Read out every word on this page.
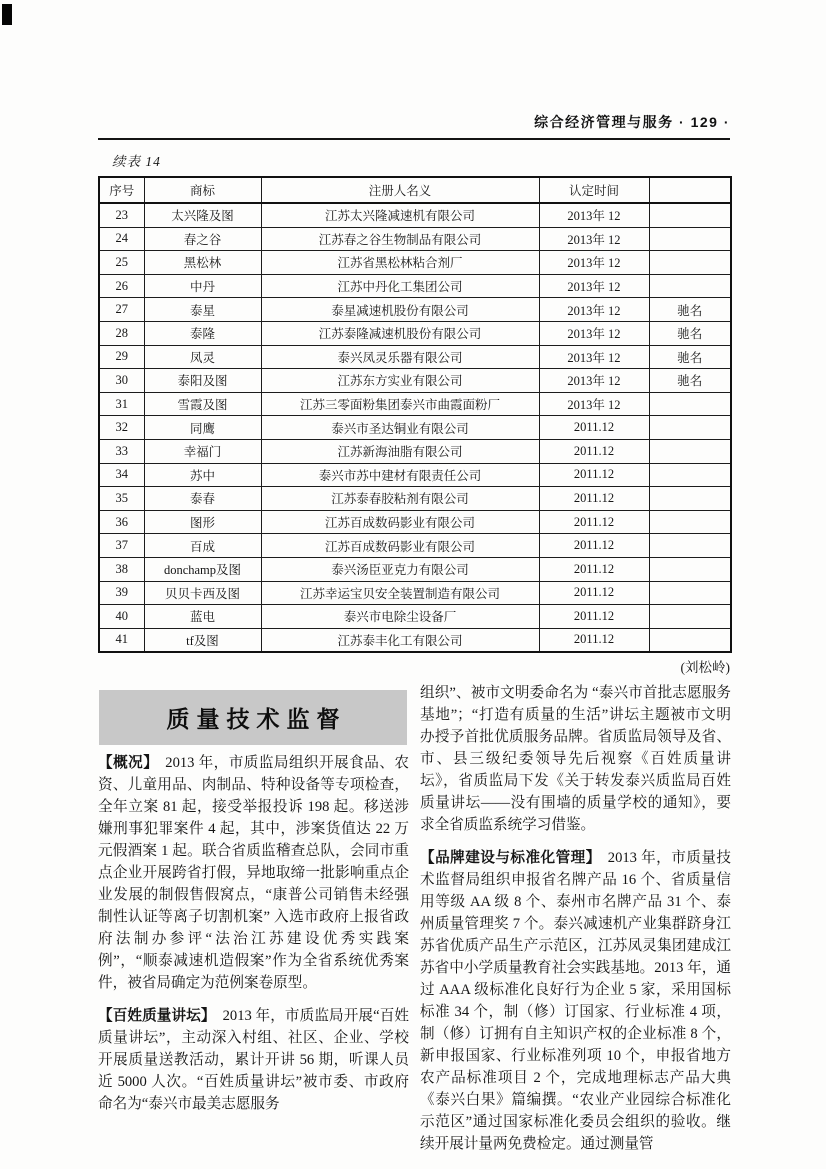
综合经济管理与服务 · 129 ·
续表 14
序号	商标	注册人名义	认定时间	
23	太兴隆及图	江苏太兴隆减速机有限公司	2013年 12	
24	春之谷	江苏春之谷生物制品有限公司	2013年 12	
25	黑松林	江苏省黑松林粘合剂厂	2013年 12	
26	中丹	江苏中丹化工集团公司	2013年 12	
27	泰星	泰星减速机股份有限公司	2013年 12	驰名
28	泰隆	江苏泰隆减速机股份有限公司	2013年 12	驰名
29	凤灵	泰兴凤灵乐器有限公司	2013年 12	驰名
30	泰阳及图	江苏东方实业有限公司	2013年 12	驰名
31	雪霞及图	江苏三零面粉集团泰兴市曲霞面粉厂	2013年 12	
32	同鹰	泰兴市圣达铜业有限公司	2011.12	
33	幸福门	江苏新海油脂有限公司	2011.12	
34	苏中	泰兴市苏中建材有限责任公司	2011.12	
35	泰春	江苏泰春胶粘剂有限公司	2011.12	
36	图形	江苏百成数码影业有限公司	2011.12	
37	百成	江苏百成数码影业有限公司	2011.12	
38	donchamp及图	泰兴汤臣亚克力有限公司	2011.12	
39	贝贝卡西及图	江苏幸运宝贝安全装置制造有限公司	2011.12	
40	蓝电	泰兴市电除尘设备厂	2011.12	
41	tf及图	江苏泰丰化工有限公司	2011.12	
(刘松岭)
质量技术监督
【概况】 2013 年，市质监局组织开展食品、农资、儿童用品、肉制品、特种设备等专项检查，全年立案 81 起，接受举报投诉 198 起。移送涉嫌刑事犯罪案件 4 起，其中，涉案货值达 22 万元假酒案 1 起。联合省质监稽查总队，会同市重点企业开展跨省打假，异地取缔一批影响重点企业发展的制假售假窝点，“康普公司销售未经强制性认证等离子切割机案” 入选市政府上报省政府法制办参评“法治江苏建设优秀实践案例”，“顺泰减速机造假案”作为全省系统优秀案件，被省局确定为范例案卷原型。
【百姓质量讲坛】 2013 年，市质监局开展“百姓质量讲坛”，主动深入村组、社区、企业、学校开展质量送教活动，累计开讲 56 期，听课人员近 5000 人次。“百姓质量讲坛”被市委、市政府命名为“泰兴市最美志愿服务
组织”、被市文明委命名为 “泰兴市首批志愿服务基地”；“打造有质量的生活”讲坛主题被市文明办授予首批优质服务品牌。省质监局领导及省、市、县三级纪委领导先后视察《百姓质量讲坛》，省质监局下发《关于转发泰兴质监局百姓质量讲坛——没有围墙的质量学校的通知》，要求全省质监系统学习借鉴。
【品牌建设与标准化管理】 2013 年，市质量技术监督局组织申报省名牌产品 16 个、省质量信用等级 AA 级 8 个、泰州市名牌产品 31 个、泰州质量管理奖 7 个。泰兴减速机产业集群跻身江苏省优质产品生产示范区，江苏凤灵集团建成江苏省中小学质量教育社会实践基地。2013 年，通过 AAA 级标准化良好行为企业 5 家，采用国标标准 34 个，制（修）订国家、行业标准 4 项，制（修）订拥有自主知识产权的企业标准 8 个，新申报国家、行业标准列项 10 个，申报省地方农产品标准项目 2 个，完成地理标志产品大典《泰兴白果》篇编撰。“农业产业园综合标准化示范区”通过国家标准化委员会组织的验收。继续开展计量两免费检定。通过测量管
